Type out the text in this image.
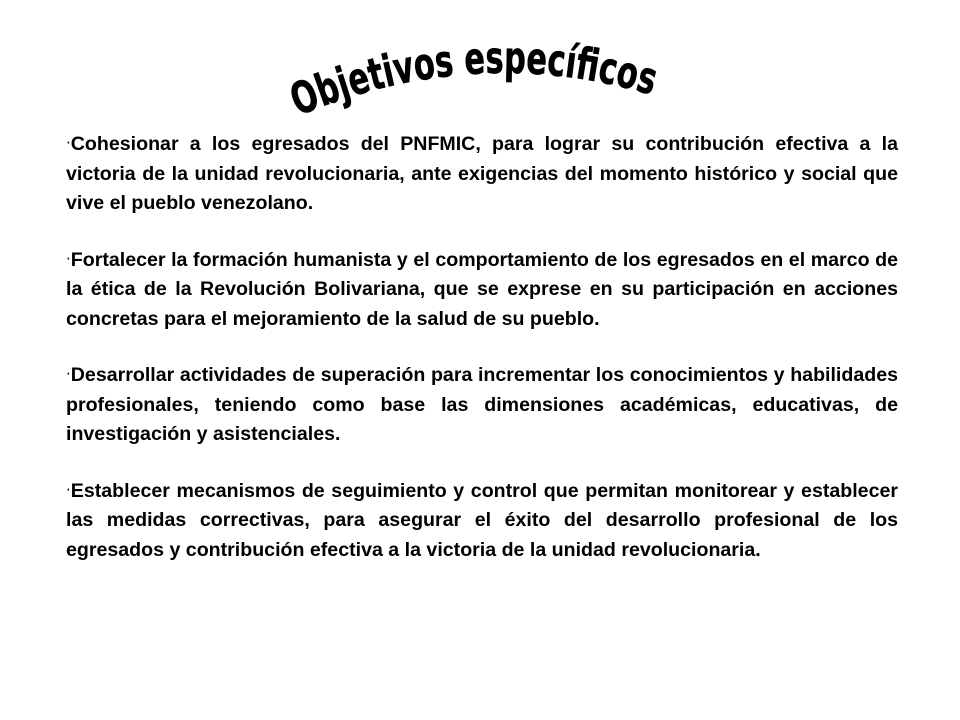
Objetivos específicos

·Cohesionar a los egresados del PNFMIC, para lograr su contribución efectiva a la victoria de la unidad revolucionaria, ante exigencias del momento histórico y social que vive el pueblo venezolano.

·Fortalecer la formación humanista y el comportamiento de los egresados en el marco de la ética de la Revolución Bolivariana, que se exprese en su participación en acciones concretas para el mejoramiento de la salud de su pueblo.

·Desarrollar actividades de superación para incrementar los conocimientos y habilidades profesionales, teniendo como base las dimensiones académicas, educativas, de investigación y asistenciales.

·Establecer mecanismos de seguimiento y control que permitan monitorear y establecer las medidas correctivas, para asegurar el éxito del desarrollo profesional de los egresados y contribución efectiva a la victoria de la unidad revolucionaria.
